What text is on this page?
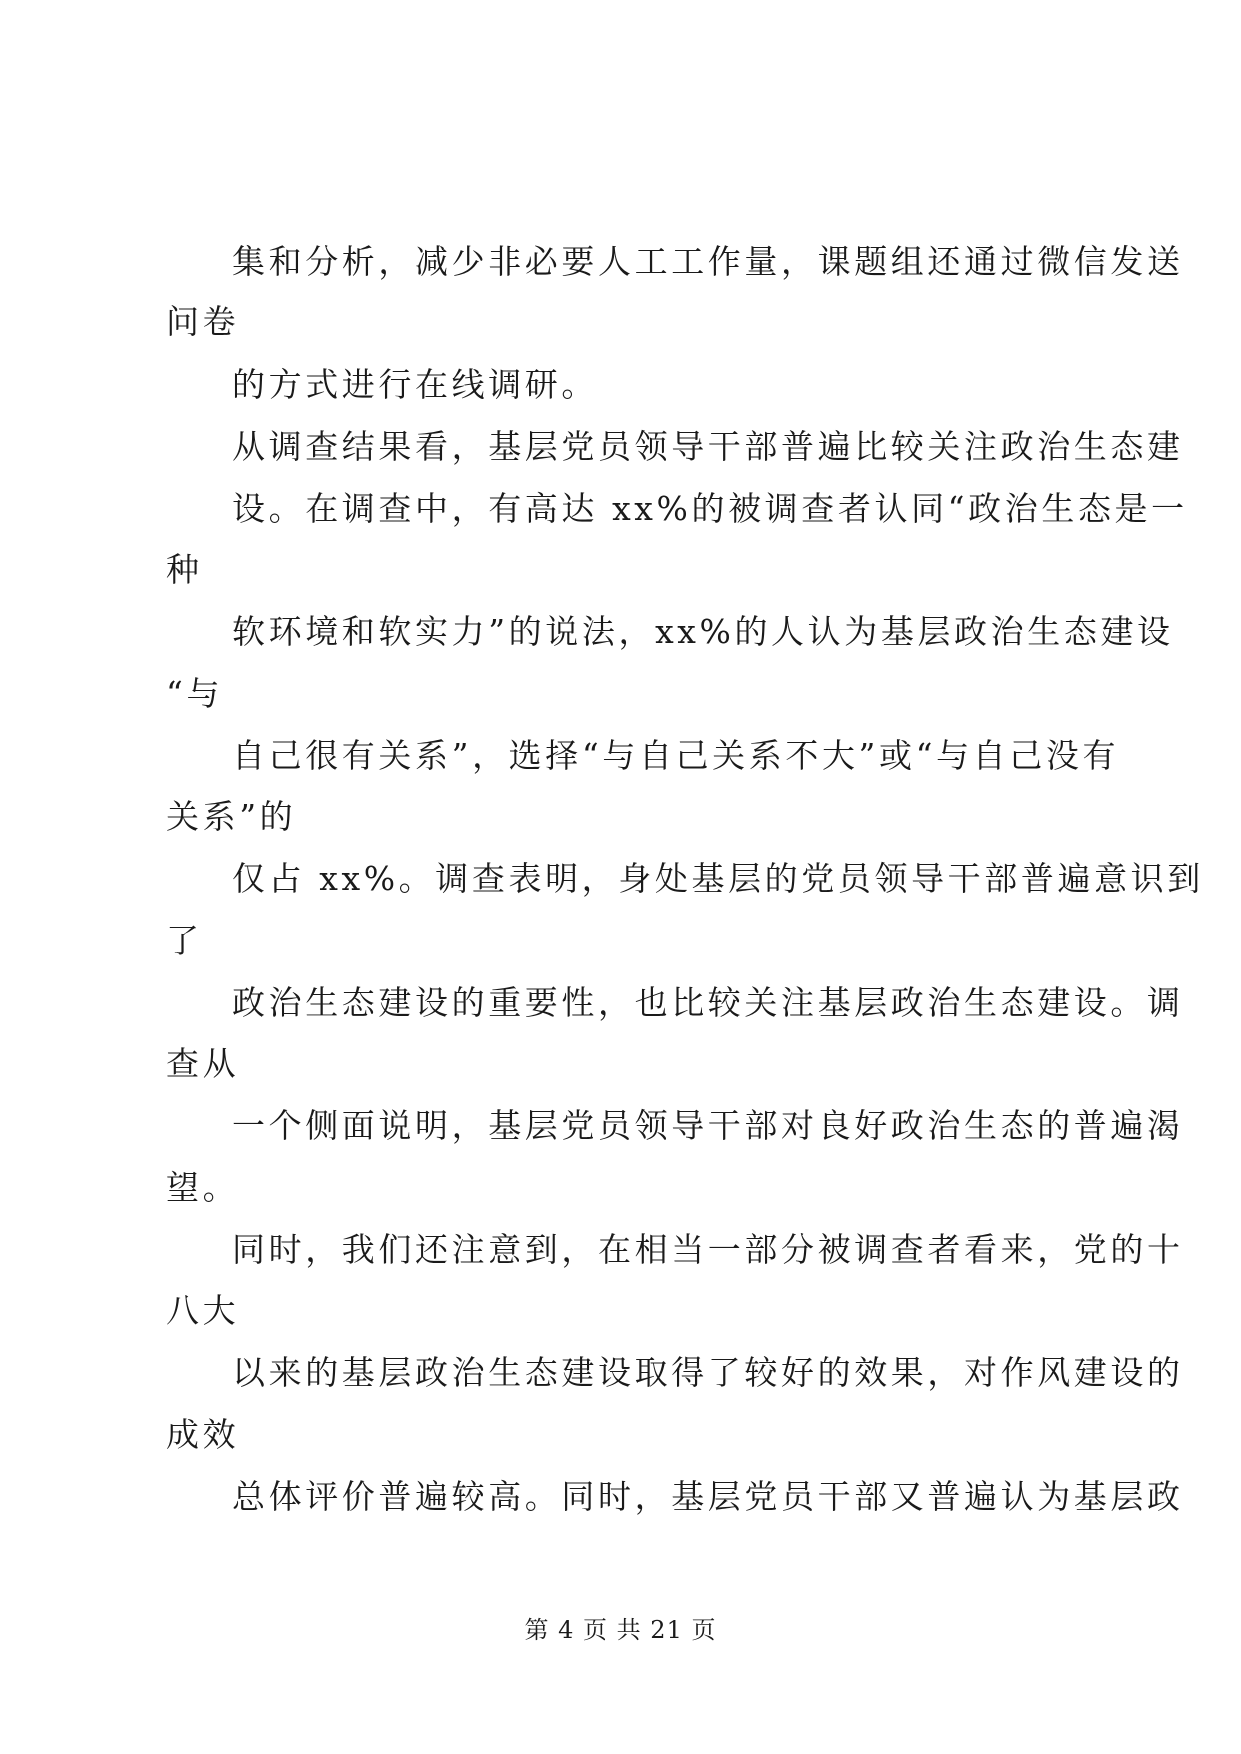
集和分析，减少非必要人工工作量，课题组还通过微信发送
问卷
的方式进行在线调研。
从调查结果看，基层党员领导干部普遍比较关注政治生态建
设。在调查中，有高达 xx%的被调查者认同“政治生态是一
种
软环境和软实力”的说法，xx%的人认为基层政治生态建设
“与
自己很有关系”，选择“与自己关系不大”或“与自己没有
关系”的
仅占 xx%。调查表明，身处基层的党员领导干部普遍意识到
了
政治生态建设的重要性，也比较关注基层政治生态建设。调
查从
一个侧面说明，基层党员领导干部对良好政治生态的普遍渴
望。
同时，我们还注意到，在相当一部分被调查者看来，党的十
八大
以来的基层政治生态建设取得了较好的效果，对作风建设的
成效
总体评价普遍较高。同时，基层党员干部又普遍认为基层政
第 4 页 共 21 页
